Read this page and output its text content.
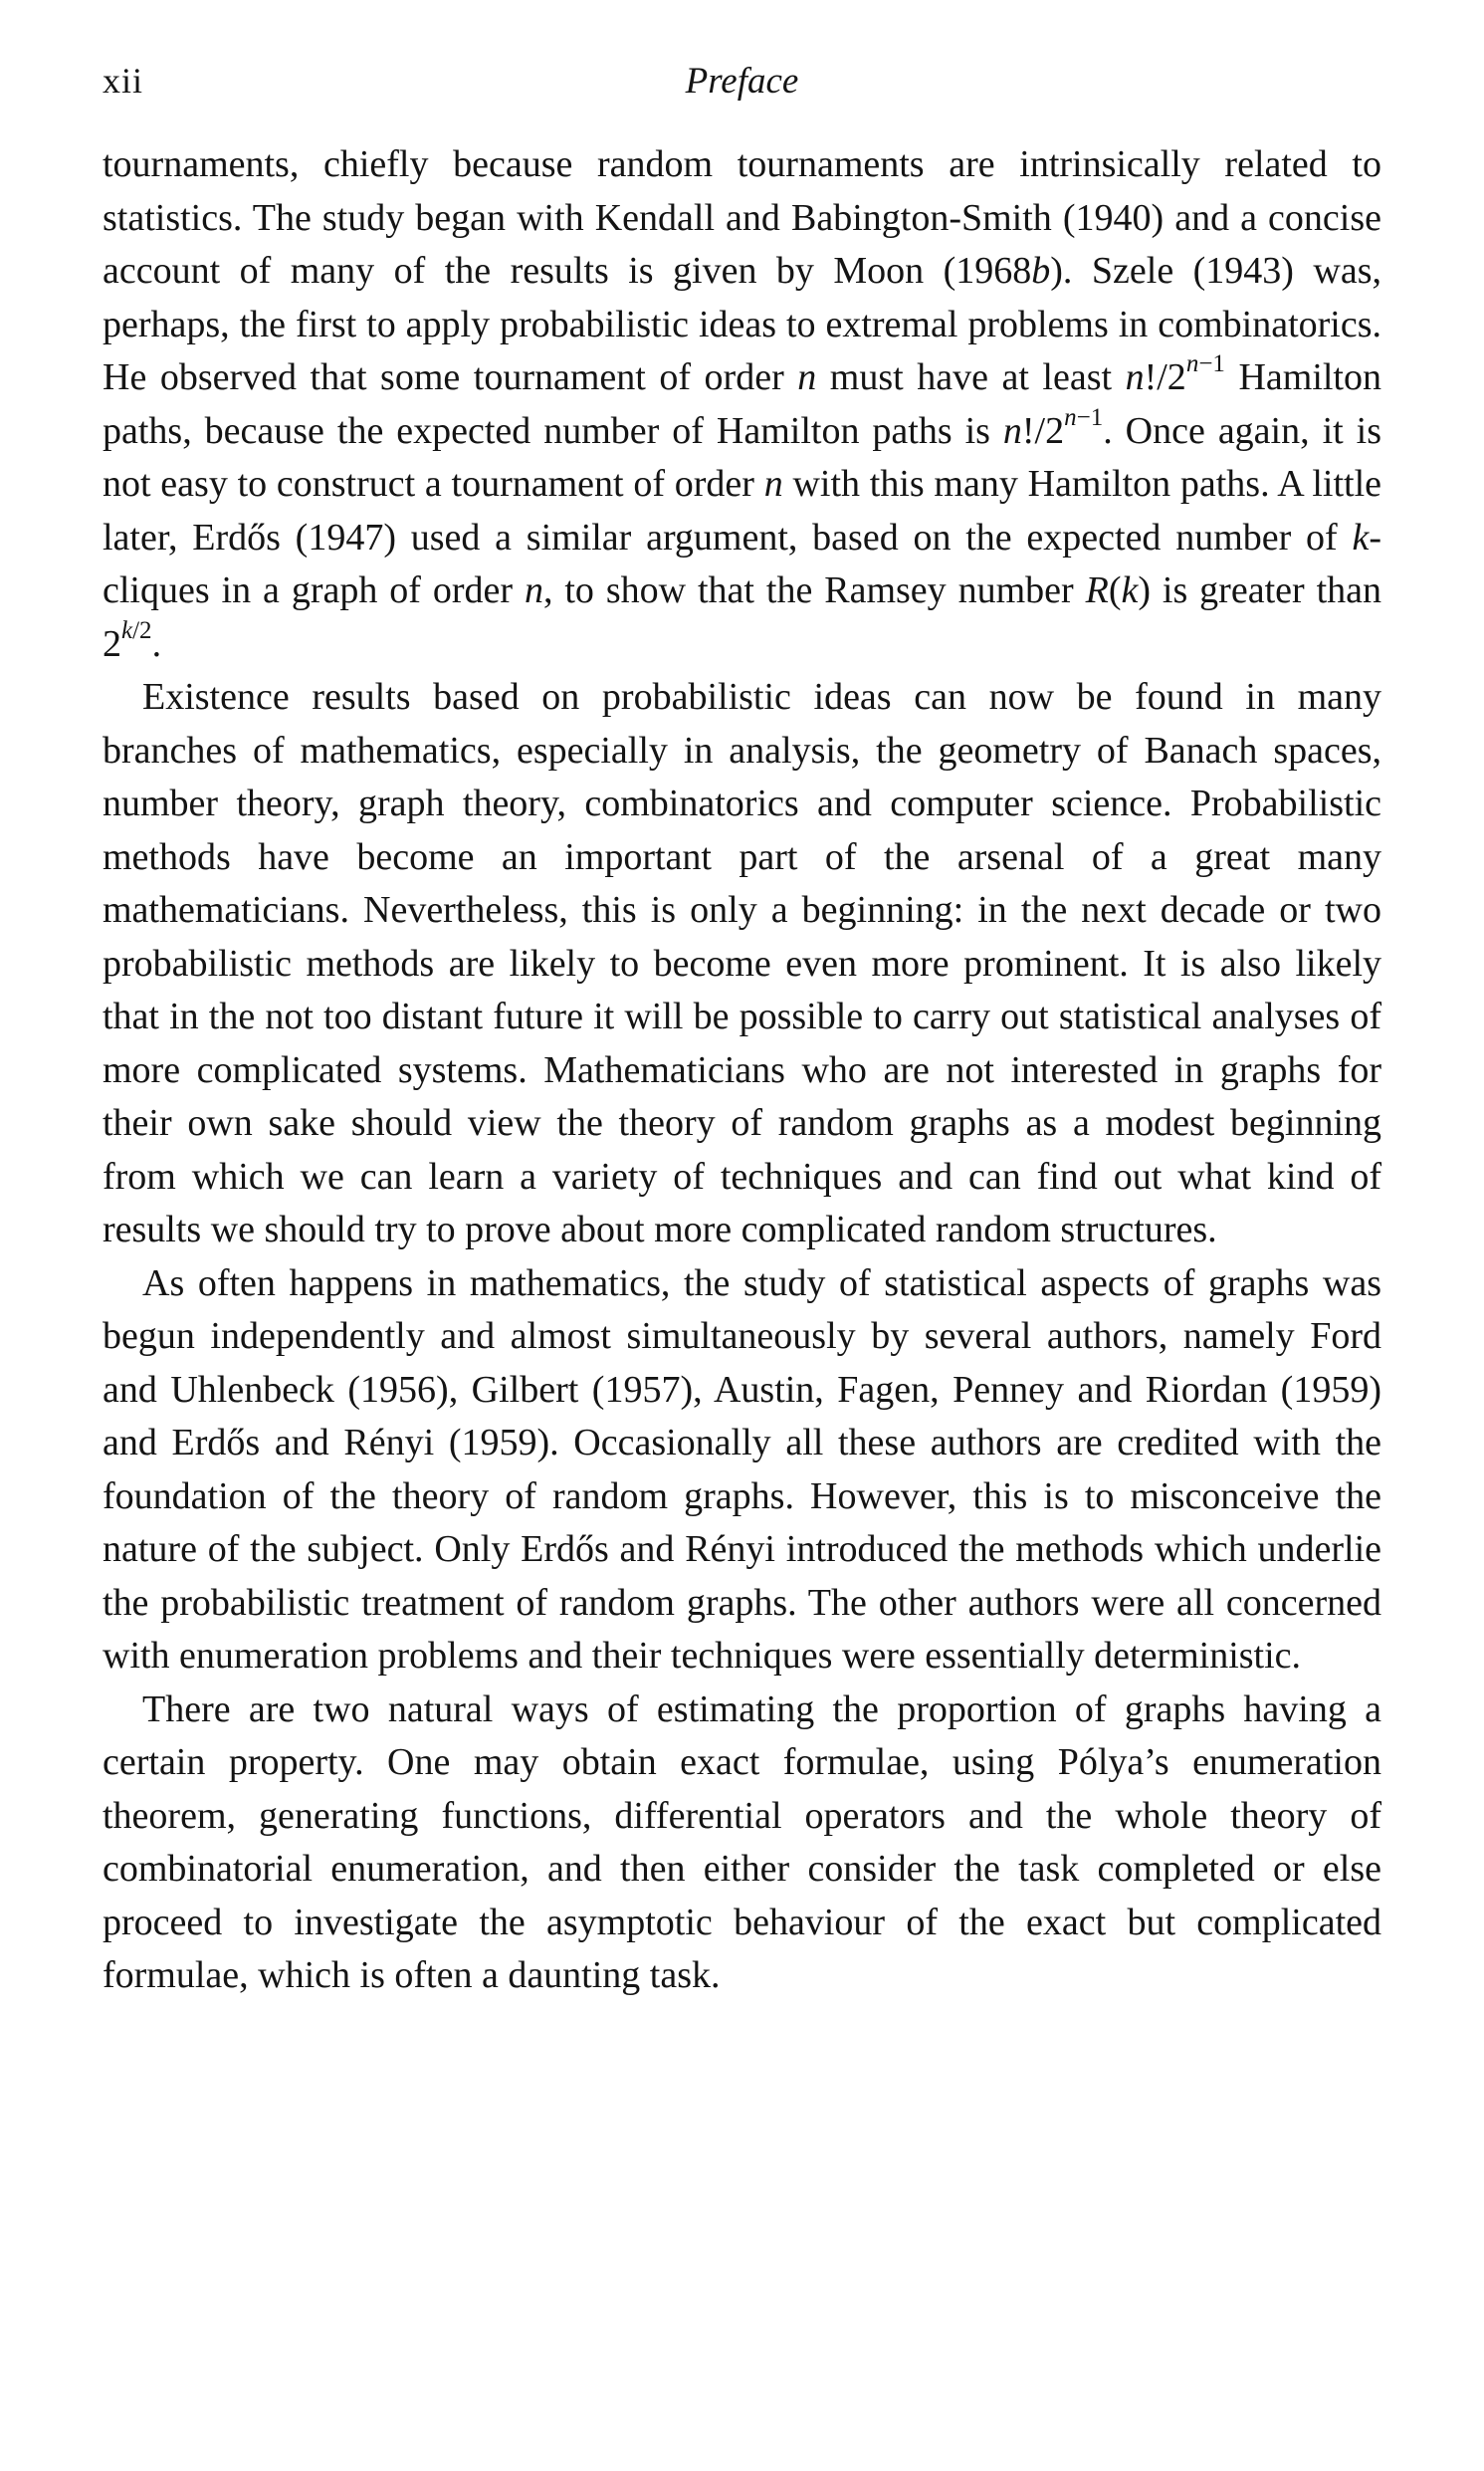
xii	Preface

tournaments, chiefly because random tournaments are intrinsically related to statistics. The study began with Kendall and Babington-Smith (1940) and a concise account of many of the results is given by Moon (1968b). Szele (1943) was, perhaps, the first to apply probabilistic ideas to extremal problems in combinatorics. He observed that some tournament of order n must have at least $n!/2^{n-1}$ Hamilton paths, because the expected number of Hamilton paths is $n!/2^{n-1}$. Once again, it is not easy to construct a tournament of order n with this many Hamilton paths. A little later, Erdős (1947) used a similar argument, based on the expected number of k-cliques in a graph of order n, to show that the Ramsey number R(k) is greater than $2^{k/2}$.

Existence results based on probabilistic ideas can now be found in many branches of mathematics, especially in analysis, the geometry of Banach spaces, number theory, graph theory, combinatorics and computer science. Probabilistic methods have become an important part of the arsenal of a great many mathematicians. Nevertheless, this is only a beginning: in the next decade or two probabilistic methods are likely to become even more prominent. It is also likely that in the not too distant future it will be possible to carry out statistical analyses of more complicated systems. Mathematicians who are not interested in graphs for their own sake should view the theory of random graphs as a modest beginning from which we can learn a variety of techniques and can find out what kind of results we should try to prove about more complicated random structures.

As often happens in mathematics, the study of statistical aspects of graphs was begun independently and almost simultaneously by several authors, namely Ford and Uhlenbeck (1956), Gilbert (1957), Austin, Fagen, Penney and Riordan (1959) and Erdős and Rényi (1959). Occasionally all these authors are credited with the foundation of the theory of random graphs. However, this is to misconceive the nature of the subject. Only Erdős and Rényi introduced the methods which underlie the probabilistic treatment of random graphs. The other authors were all concerned with enumeration problems and their techniques were essentially deterministic.

There are two natural ways of estimating the proportion of graphs having a certain property. One may obtain exact formulae, using Pólya’s enumeration theorem, generating functions, differential operators and the whole theory of combinatorial enumeration, and then either consider the task completed or else proceed to investigate the asymptotic behaviour of the exact but complicated formulae, which is often a daunting task.
